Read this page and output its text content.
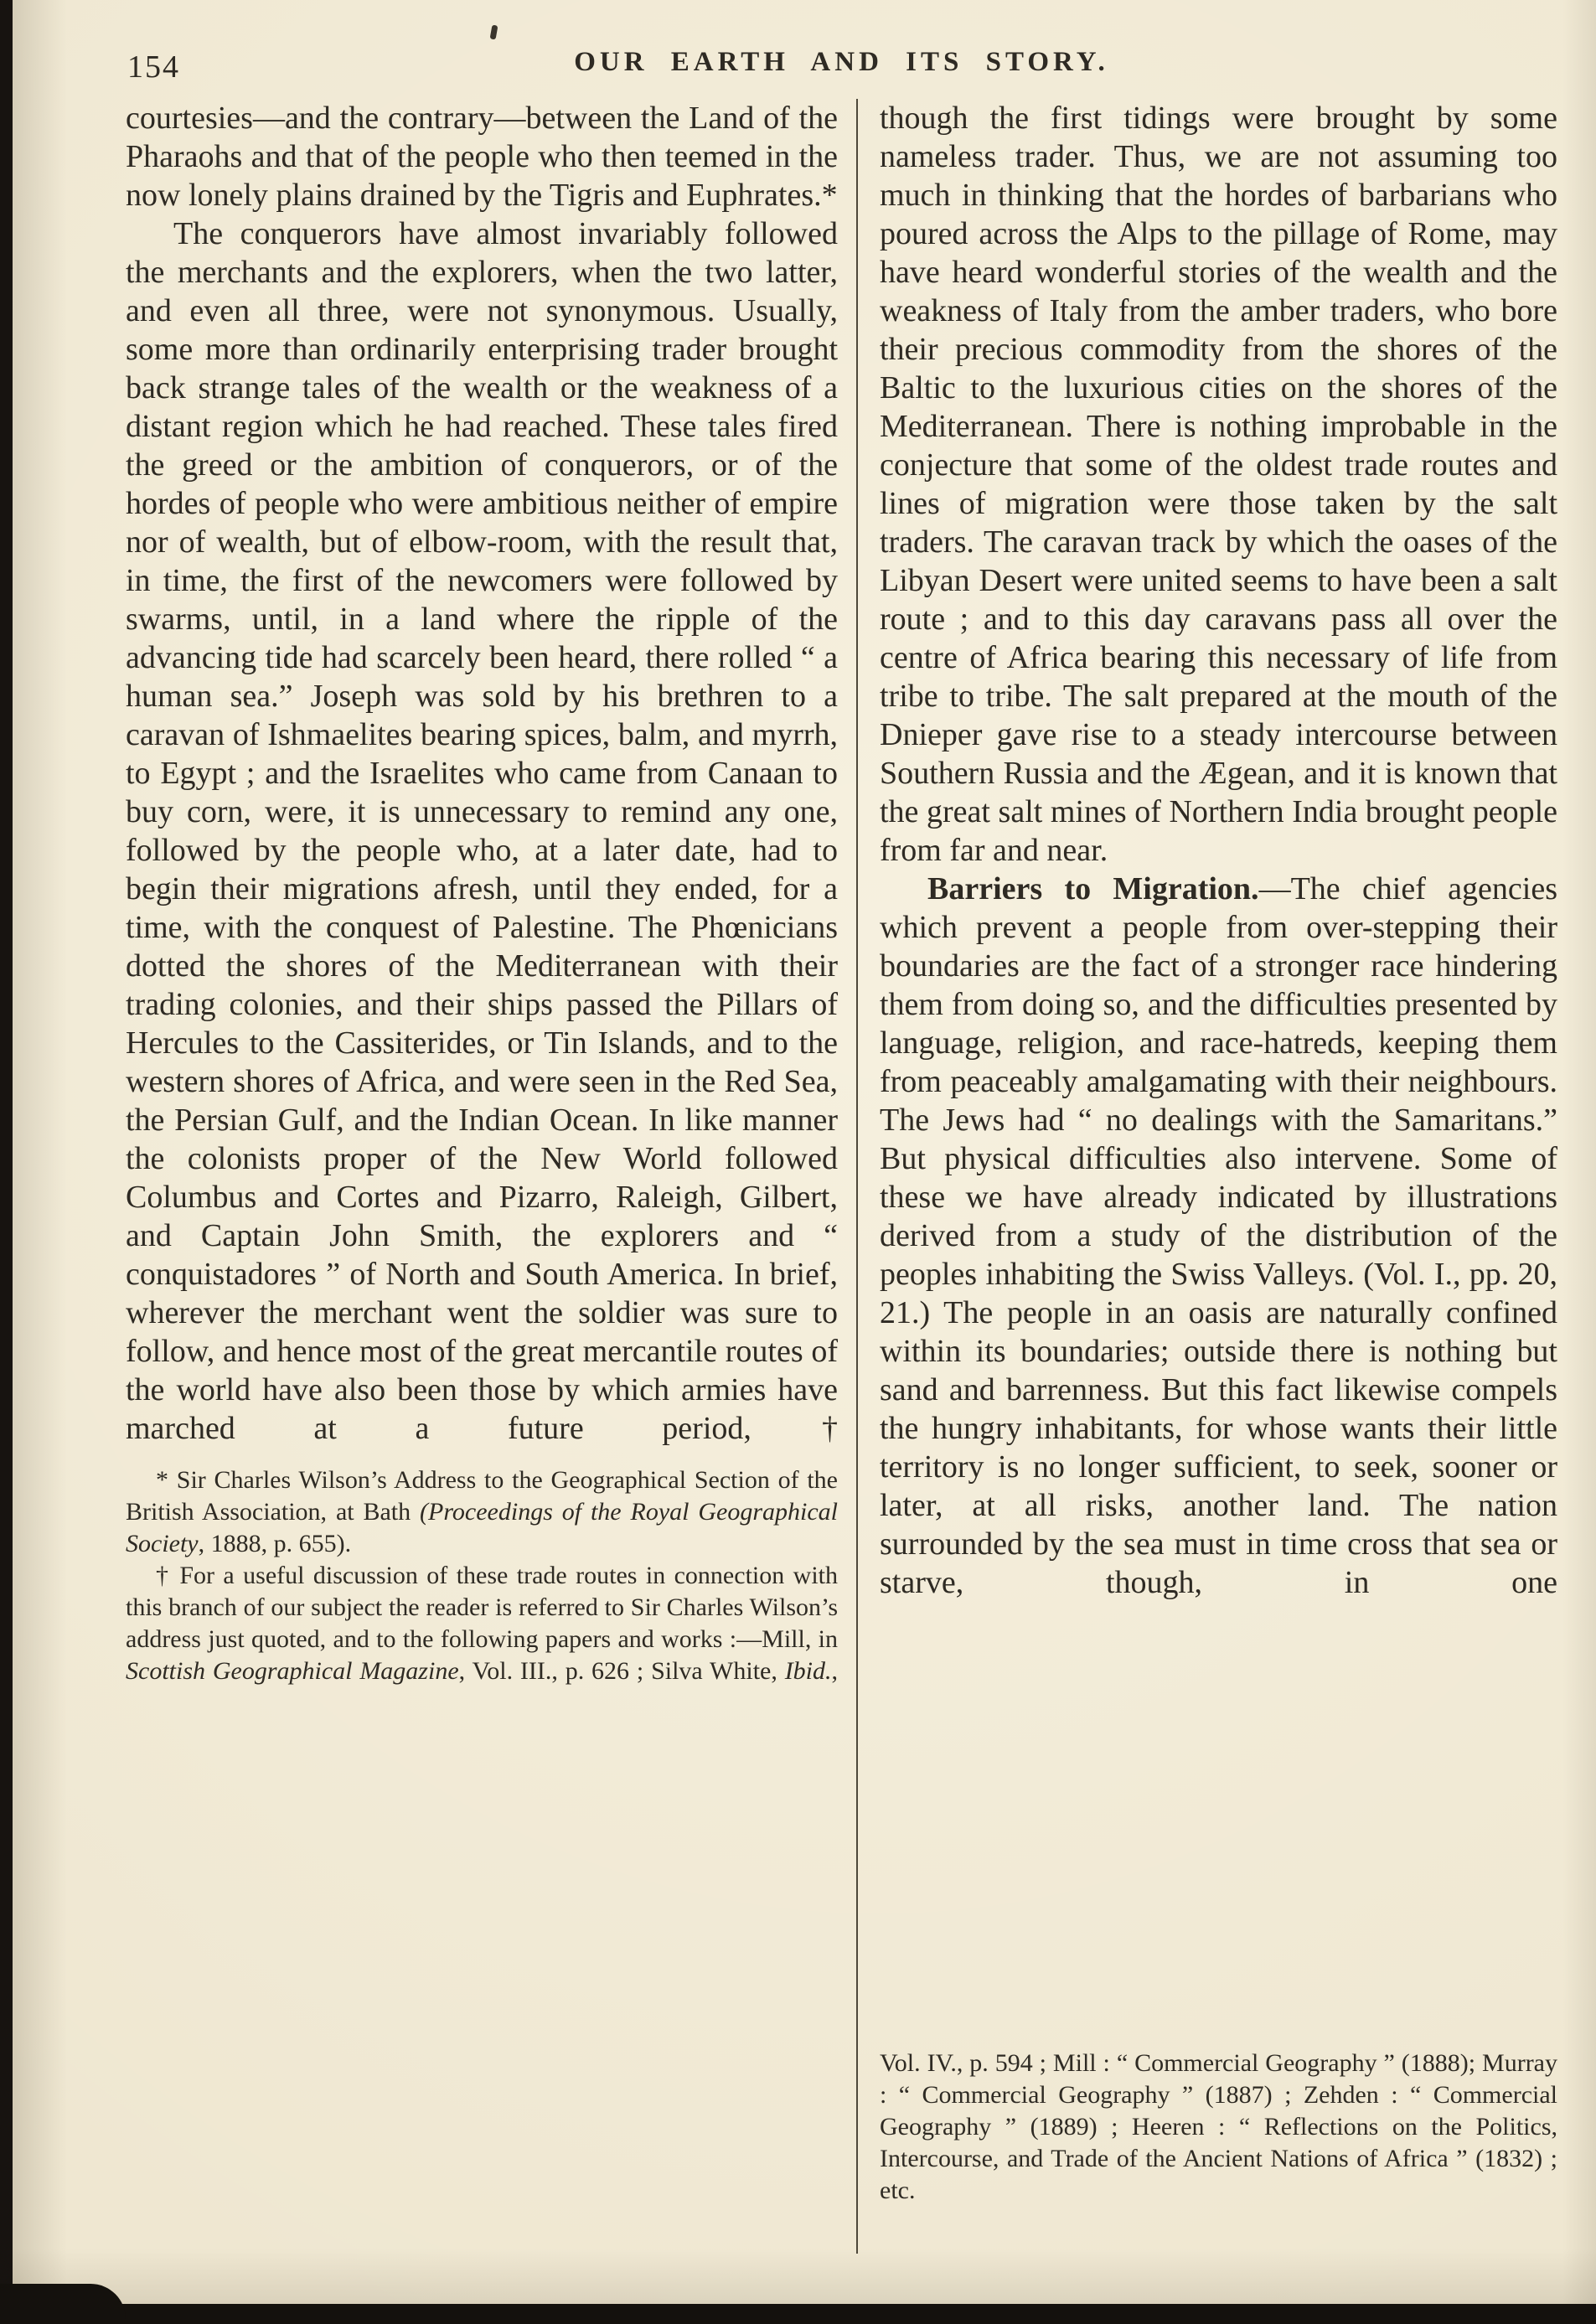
154	OUR EARTH AND ITS STORY.

courtesies—and the contrary—between the Land of the Pharaohs and that of the people who then teemed in the now lonely plains drained by the Tigris and Euphrates.*

The conquerors have almost invariably followed the merchants and the explorers, when the two latter, and even all three, were not synonymous. Usually, some more than ordinarily enterprising trader brought back strange tales of the wealth or the weakness of a distant region which he had reached. These tales fired the greed or the ambition of conquerors, or of the hordes of people who were ambitious neither of empire nor of wealth, but of elbow-room, with the result that, in time, the first of the newcomers were followed by swarms, until, in a land where the ripple of the advancing tide had scarcely been heard, there rolled “ a human sea.” Joseph was sold by his brethren to a caravan of Ishmaelites bearing spices, balm, and myrrh, to Egypt ; and the Israelites who came from Canaan to buy corn, were, it is unnecessary to remind any one, followed by the people who, at a later date, had to begin their migrations afresh, until they ended, for a time, with the conquest of Palestine. The Phœnicians dotted the shores of the Mediterranean with their trading colonies, and their ships passed the Pillars of Hercules to the Cassiterides, or Tin Islands, and to the western shores of Africa, and were seen in the Red Sea, the Persian Gulf, and the Indian Ocean. In like manner the colonists proper of the New World followed Columbus and Cortes and Pizarro, Raleigh, Gilbert, and Captain John Smith, the explorers and “ conquistadores ” of North and South America. In brief, wherever the merchant went the soldier was sure to follow, and hence most of the great mercantile routes of the world have also been those by which armies have marched at a future period,†

* Sir Charles Wilson’s Address to the Geographical Section of the British Association, at Bath (Proceedings of the Royal Geographical Society, 1888, p. 655).

† For a useful discussion of these trade routes in connection with this branch of our subject the reader is referred to Sir Charles Wilson’s address just quoted, and to the following papers and works :—Mill, in Scottish Geographical Magazine, Vol. III., p. 626 ; Silva White, Ibid.,

though the first tidings were brought by some nameless trader. Thus, we are not assuming too much in thinking that the hordes of barbarians who poured across the Alps to the pillage of Rome, may have heard wonderful stories of the wealth and the weakness of Italy from the amber traders, who bore their precious commodity from the shores of the Baltic to the luxurious cities on the shores of the Mediterranean. There is nothing improbable in the conjecture that some of the oldest trade routes and lines of migration were those taken by the salt traders. The caravan track by which the oases of the Libyan Desert were united seems to have been a salt route ; and to this day caravans pass all over the centre of Africa bearing this necessary of life from tribe to tribe. The salt prepared at the mouth of the Dnieper gave rise to a steady intercourse between Southern Russia and the Ægean, and it is known that the great salt mines of Northern India brought people from far and near.

Barriers to Migration.—The chief agencies which prevent a people from over-stepping their boundaries are the fact of a stronger race hindering them from doing so, and the difficulties presented by language, religion, and race-hatreds, keeping them from peaceably amalgamating with their neighbours. The Jews had “ no dealings with the Samaritans.” But physical difficulties also intervene. Some of these we have already indicated by illustrations derived from a study of the distribution of the peoples inhabiting the Swiss Valleys. (Vol. I., pp. 20, 21.) The people in an oasis are naturally confined within its boundaries; outside there is nothing but sand and barrenness. But this fact likewise compels the hungry inhabitants, for whose wants their little territory is no longer sufficient, to seek, sooner or later, at all risks, another land. The nation surrounded by the sea must in time cross that sea or starve, though, in one

Vol. IV., p. 594 ; Mill : “ Commercial Geography ” (1888); Murray : “ Commercial Geography ” (1887) ; Zehden : “ Commercial Geography ” (1889) ; Heeren : “ Reflections on the Politics, Intercourse, and Trade of the Ancient Nations of Africa ” (1832) ; etc.
